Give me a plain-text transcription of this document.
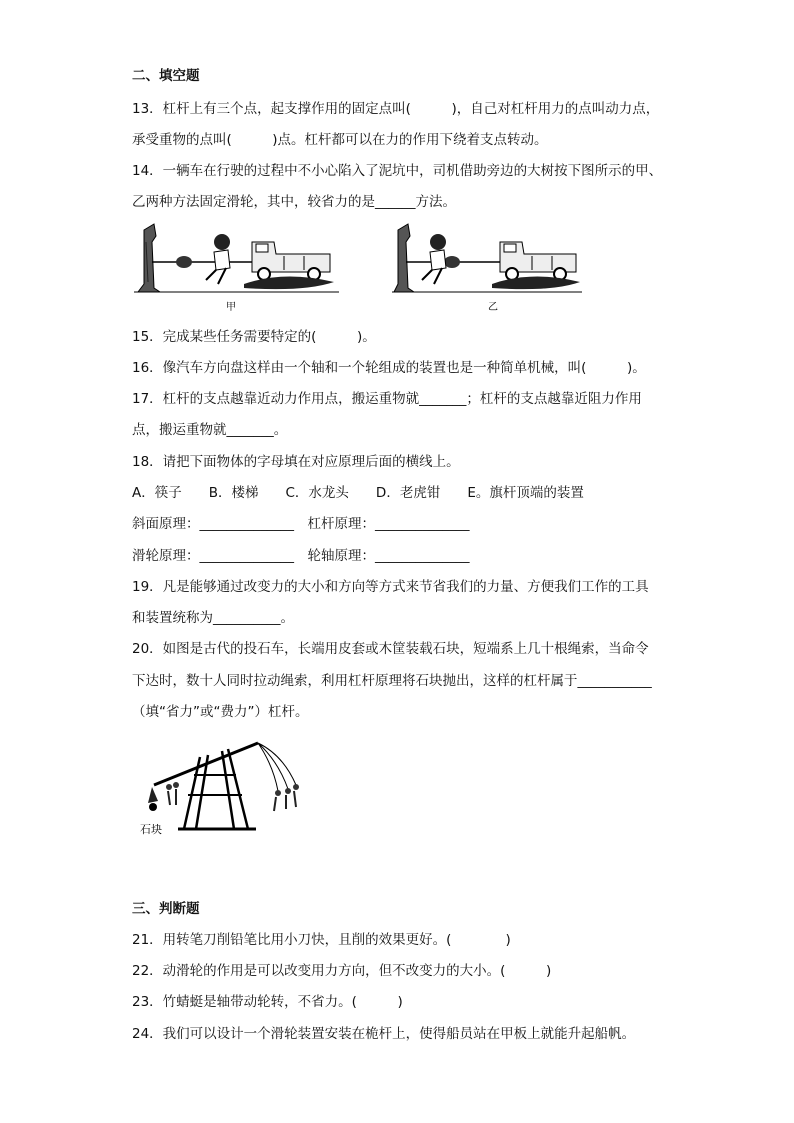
二、填空题
13．杠杆上有三个点，起支撑作用的固定点叫(　　　)，自己对杠杆用力的点叫动力点，
承受重物的点叫(　　　)点。杠杆都可以在力的作用下绕着支点转动。
14．一辆车在行驶的过程中不小心陷入了泥坑中，司机借助旁边的大树按下图所示的甲、
乙两种方法固定滑轮，其中，较省力的是______方法。
甲	乙
15．完成某些任务需要特定的(　　　)。
16．像汽车方向盘这样由一个轴和一个轮组成的装置也是一种简单机械，叫(　　　)。
17．杠杆的支点越靠近动力作用点，搬运重物就_______；杠杆的支点越靠近阻力作用
点，搬运重物就_______。
18．请把下面物体的字母填在对应原理后面的横线上。
A．筷子　　B．楼梯　　C．水龙头　　D．老虎钳　　E。旗杆顶端的装置
斜面原理：______________　杠杆原理：______________
滑轮原理：______________　轮轴原理：______________
19．凡是能够通过改变力的大小和方向等方式来节省我们的力量、方便我们工作的工具
和装置统称为__________。
20．如图是古代的投石车，长端用皮套或木筐装载石块，短端系上几十根绳索，当命令
下达时，数十人同时拉动绳索，利用杠杆原理将石块抛出，这样的杠杆属于___________
（填“省力”或“费力”）杠杆。
石块
三、判断题
21．用转笔刀削铅笔比用小刀快，且削的效果更好。(　　　　)
22．动滑轮的作用是可以改变用力方向，但不改变力的大小。(　　　)
23．竹蜻蜓是轴带动轮转，不省力。(　　　)
24．我们可以设计一个滑轮装置安装在桅杆上，使得船员站在甲板上就能升起船帆。
